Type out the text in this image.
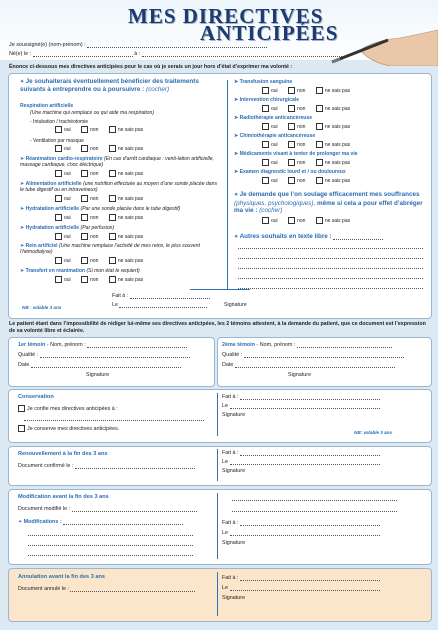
MES DIRECTIVES
ANTICIPÉES
Je soussigné(e) (nom-prénom) :
Né(e) le :	à :
Énonce ci-dessous mes directives anticipées pour le cas où je serais un jour hors d’état d’exprimer ma volonté :
✦ Je souhaiterais éventuellement bénéficier des traitements suivants à entreprendre ou à poursuivre : (cocher)
Respiration artificielle
(Une machine qui remplace ou qui aide ma respiration)
- Intubation / trachéotomie
oui	non	ne sais pas
- Ventilation par masque
oui	non	ne sais pas
➤ Réanimation cardio-respiratoire (En cas d’arrêt cardiaque : venti-lation artificielle, massage cardiaque, choc électrique)
oui	non	ne sais pas
➤ Alimentation artificielle (une nutrition effectuée au moyen d’une sonde placée dans le tube digestif ou en intraveineux)
oui	non	ne sais pas
➤ Hydratation artificielle (Par une sonde placée dans le tube digestif)
oui	non	ne sais pas
➤ Hydratation artificielle (Par perfusion)
oui	non	ne sais pas
➤ Rein artificiel (Une machine remplace l’activité de mes reins, le plus souvent l’hémodialyse)
oui	non	ne sais pas
➤ Transfert en réanimation (Si mon état le requiert)
oui	non	ne sais pas
➤ Transfusion sanguine
oui	non	ne sais pas
➤ Intervention chirurgicale
oui	non	ne sais pas
➤ Radiothérapie anticancéreuse
oui	non	ne sais pas
➤ Chimiothérapie anticancéreuse
oui	non	ne sais pas
➤ Médicaments visant à tenter de prolonger ma vie
oui	non	ne sais pas
➤ Examen diagnostic lourd et / ou douloureux
oui	non	ne sais pas
✦ Je demande que l’on soulage efficacement mes souffrances (physiques, psychologiques), même si cela a pour effet d’abréger ma vie : (cocher)
oui	non	ne sais pas
✦ Autres souhaits en texte libre :
NB : valable 3 ans
Fait à :
Le	Signature
Le patient étant dans l’impossibilité de rédiger lui-même ses directives anticipées, les 2 témoins attestent, à la demande du patient, que ce document est l’expression de sa volonté libre et éclairée.
1er témoin - Nom, prénom :
Qualité :
Date
Signature
2ème témoin - Nom, prénom :
Qualité :
Date
Signature
Conservation
Je confie mes directives anticipées à :
Je conserve mes directives anticipées.
Fait à :
Le
Signature
NB: valable 3 ans
Renouvellement à la fin des 3 ans
Document confirmé le :
Fait à :
Le
Signature
Modification avant la fin des 3 ans
Document modifié le :
✦ Modifications :	Fait à :
Le
Signature
Annulation avant la fin des 3 ans
Document annulé le :
Fait à :
Le
Signature
